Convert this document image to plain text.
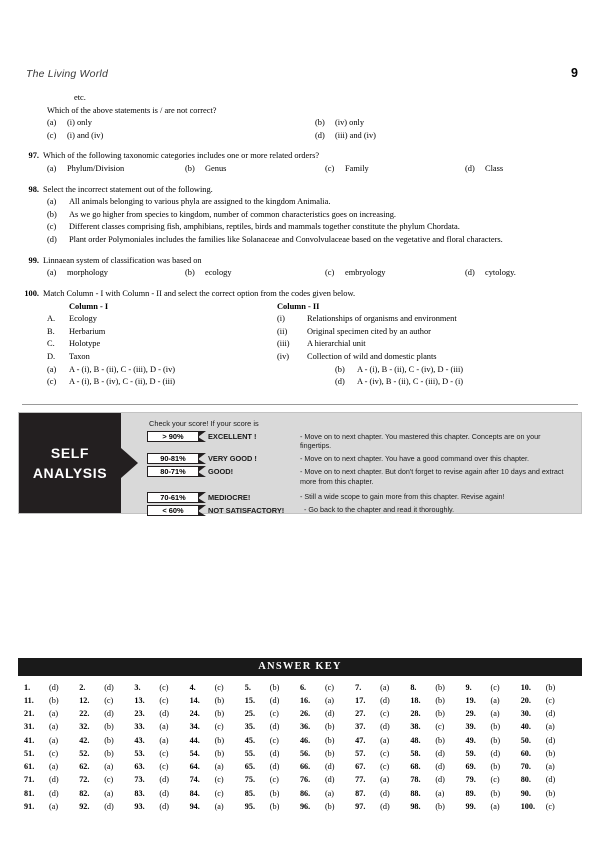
The Living World	9
etc.
Which of the above statements is / are not correct?
(a)	(i) only	(b)	(iv) only
(c)	(i) and (iv)	(d)	(iii) and (iv)
97. Which of the following taxonomic categories includes one or more related orders?
(a)	Phylum/Division	(b)	Genus	(c)	Family	(d)	Class
98. Select the incorrect statement out of the following.
(a)	All animals belonging to various phyla are assigned to the kingdom Animalia.
(b)	As we go higher from species to kingdom, number of common characteristics goes on increasing.
(c)	Different classes comprising fish, amphibians, reptiles, birds and mammals together constitute the phylum Chordata.
(d)	Plant order Polymoniales includes the families like Solanaceae and Convolvulaceae based on the vegetative and floral characters.
99. Linnaean system of classification was based on
(a)	morphology	(b)	ecology	(c)	embryology	(d)	cytology.
100. Match Column - I with Column - II and select the correct option from the codes given below.
Column - I	Column - II
A.	Ecology	(i)	Relationships of organisms and environment
B.	Herbarium	(ii)	Original specimen cited by an author
C.	Holotype	(iii)	A hierarchial unit
D.	Taxon	(iv)	Collection of wild and domestic plants
(a)	A - (i), B - (ii), C - (iii), D - (iv)	(b)	A - (i), B - (ii), C - (iv), D - (iii)
(c)	A - (i), B - (iv), C - (ii), D - (iii)	(d)	A - (iv), B - (ii), C - (iii), D - (i)
SELF
ANALYSIS
Check your score! If your score is
> 90%	EXCELLENT !	- Move on to next chapter. You mastered this chapter. Concepts are on your fingertips.
90-81%	VERY GOOD !	- Move on to next chapter. You have a good command over this chapter.
80-71%	GOOD!	- Move on to next chapter. But don't forget to revise again after 10 days and extract more from this chapter.
70-61%	MEDIOCRE!	- Still a wide scope to gain more from this chapter. Revise again!
< 60%	NOT SATISFACTORY!	- Go back to the chapter and read it thoroughly.
ANSWER KEY
1.	(d)	2.	(d)	3.	(c)	4.	(c)	5.	(b)	6.	(c)	7.	(a)	8.	(b)	9.	(c)	10.	(b)
11.	(b)	12.	(c)	13.	(c)	14.	(b)	15.	(d)	16.	(a)	17.	(d)	18.	(b)	19.	(a)	20.	(c)
21.	(a)	22.	(d)	23.	(d)	24.	(b)	25.	(c)	26.	(d)	27.	(c)	28.	(b)	29.	(a)	30.	(d)
31.	(a)	32.	(b)	33.	(a)	34.	(c)	35.	(d)	36.	(b)	37.	(d)	38.	(c)	39.	(b)	40.	(a)
41.	(a)	42.	(b)	43.	(a)	44.	(b)	45.	(c)	46.	(b)	47.	(a)	48.	(b)	49.	(b)	50.	(d)
51.	(c)	52.	(b)	53.	(c)	54.	(b)	55.	(d)	56.	(b)	57.	(c)	58.	(d)	59.	(d)	60.	(b)
61.	(a)	62.	(a)	63.	(c)	64.	(a)	65.	(d)	66.	(d)	67.	(c)	68.	(d)	69.	(b)	70.	(a)
71.	(d)	72.	(c)	73.	(d)	74.	(c)	75.	(c)	76.	(d)	77.	(a)	78.	(d)	79.	(c)	80.	(d)
81.	(d)	82.	(a)	83.	(d)	84.	(c)	85.	(b)	86.	(a)	87.	(d)	88.	(a)	89.	(b)	90.	(b)
91.	(a)	92.	(d)	93.	(d)	94.	(a)	95.	(b)	96.	(b)	97.	(d)	98.	(b)	99.	(a)	100.	(c)
